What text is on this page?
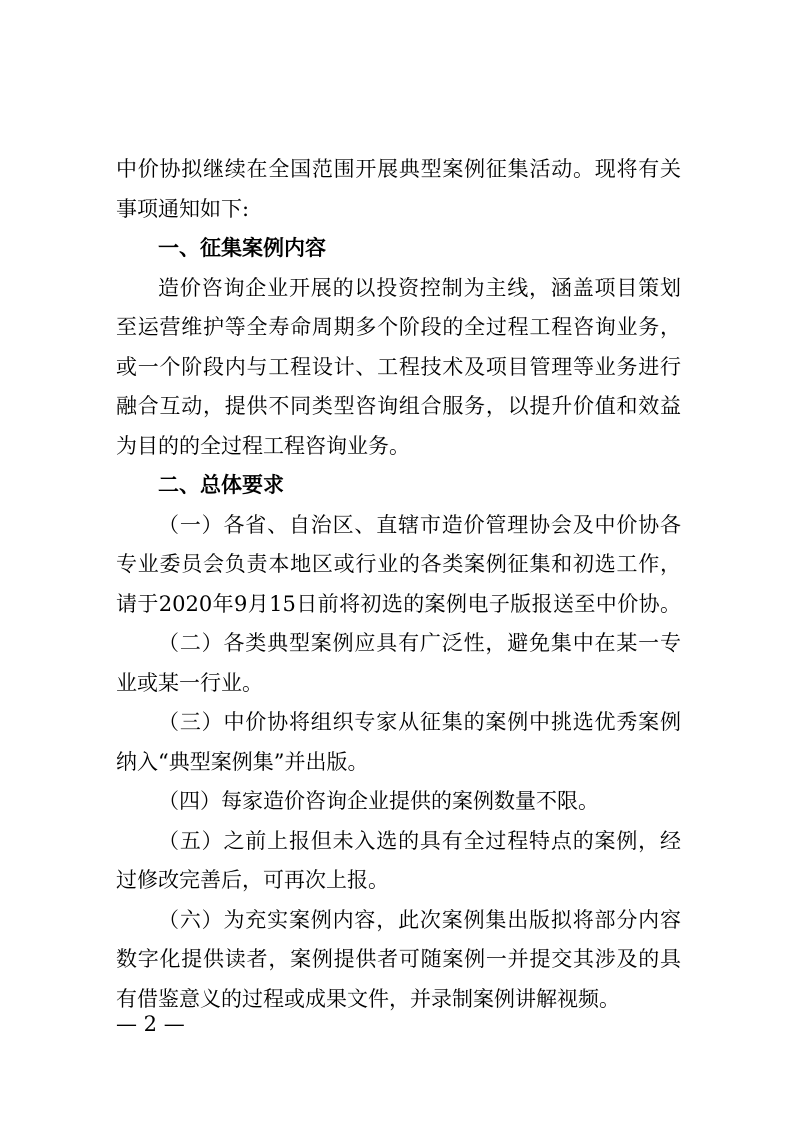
中价协拟继续在全国范围开展典型案例征集活动。现将有关
事项通知如下:
一、征集案例内容
造价咨询企业开展的以投资控制为主线，涵盖项目策划
至运营维护等全寿命周期多个阶段的全过程工程咨询业务，
或一个阶段内与工程设计、工程技术及项目管理等业务进行
融合互动，提供不同类型咨询组合服务，以提升价值和效益
为目的的全过程工程咨询业务。
二、总体要求
（一）各省、自治区、直辖市造价管理协会及中价协各
专业委员会负责本地区或行业的各类案例征集和初选工作，
请于2020年9月15日前将初选的案例电子版报送至中价协。
（二）各类典型案例应具有广泛性，避免集中在某一专
业或某一行业。
（三）中价协将组织专家从征集的案例中挑选优秀案例
纳入“典型案例集”并出版。
（四）每家造价咨询企业提供的案例数量不限。
（五）之前上报但未入选的具有全过程特点的案例，经
过修改完善后，可再次上报。
（六）为充实案例内容，此次案例集出版拟将部分内容
数字化提供读者，案例提供者可随案例一并提交其涉及的具
有借鉴意义的过程或成果文件，并录制案例讲解视频。
— 2 —
